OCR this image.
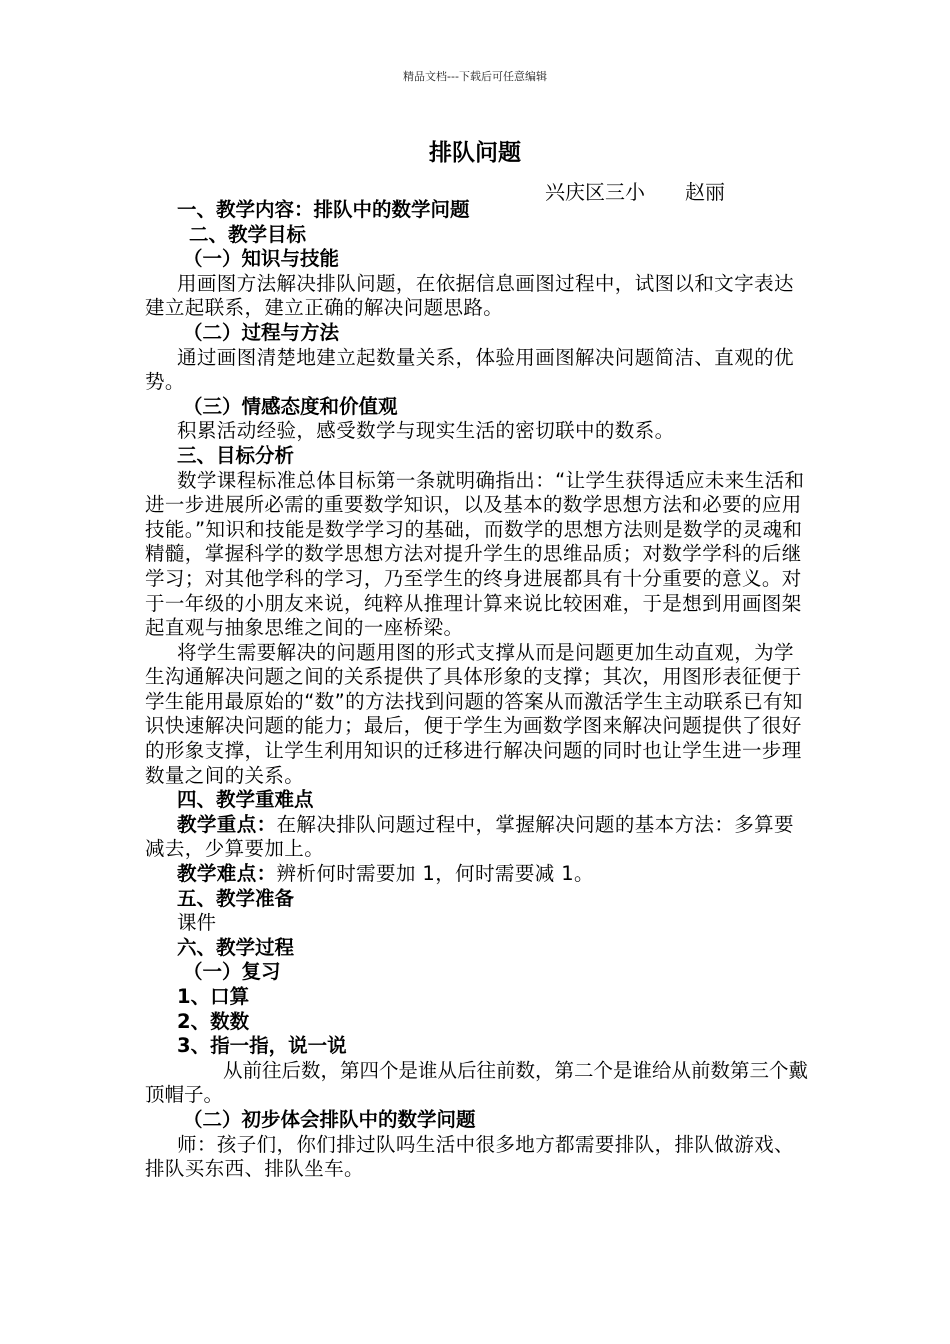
精品文档---下载后可任意编辑
排队问题
兴庆区三小　　赵丽

一、教学内容：排队中的数学问题

二、教学目标

（一）知识与技能

用画图方法解决排队问题，在依据信息画图过程中，试图以和文字表达建立起联系，建立正确的解决问题思路。

（二）过程与方法

通过画图清楚地建立起数量关系，体验用画图解决问题简洁、直观的优势。

（三）情感态度和价值观

积累活动经验，感受数学与现实生活的密切联中的数系。

三、目标分析

数学课程标准总体目标第一条就明确指出：“让学生获得适应未来生活和进一步进展所必需的重要数学知识，以及基本的数学思想方法和必要的应用技能。”知识和技能是数学学习的基础，而数学的思想方法则是数学的灵魂和精髓，掌握科学的数学思想方法对提升学生的思维品质；对数学学科的后继学习；对其他学科的学习，乃至学生的终身进展都具有十分重要的意义。对于一年级的小朋友来说，纯粹从推理计算来说比较困难，于是想到用画图架起直观与抽象思维之间的一座桥梁。

将学生需要解决的问题用图的形式支撑从而是问题更加生动直观，为学生沟通解决问题之间的关系提供了具体形象的支撑；其次，用图形表征便于学生能用最原始的“数”的方法找到问题的答案从而激活学生主动联系已有知识快速解决问题的能力；最后，便于学生为画数学图来解决问题提供了很好的形象支撑，让学生利用知识的迁移进行解决问题的同时也让学生进一步理数量之间的关系。

四、教学重难点

教学重点：在解决排队问题过程中，掌握解决问题的基本方法：多算要减去，少算要加上。

教学难点：辨析何时需要加 1，何时需要减 1。

五、教学准备

课件

六、教学过程

（一）复习

1、口算

2、数数

3、指一指，说一说

从前往后数，第四个是谁从后往前数，第二个是谁给从前数第三个戴顶帽子。

（二）初步体会排队中的数学问题

师：孩子们，你们排过队吗生活中很多地方都需要排队，排队做游戏、排队买东西、排队坐车。
